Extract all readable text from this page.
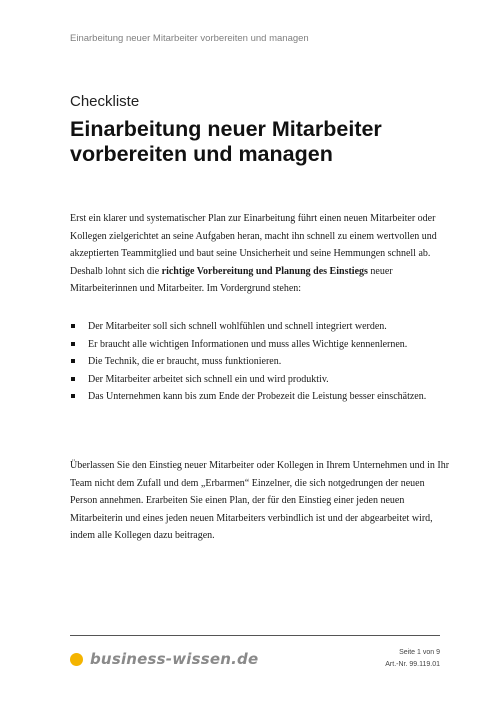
Einarbeitung neuer Mitarbeiter vorbereiten und managen
Checkliste
Einarbeitung neuer Mitarbeiter vorbereiten und managen

Erst ein klarer und systematischer Plan zur Einarbeitung führt einen neuen Mitarbeiter oder Kollegen zielgerichtet an seine Aufgaben heran, macht ihn schnell zu einem wertvollen und akzeptierten Teammitglied und baut seine Unsicherheit und seine Hemmungen schnell ab. Deshalb lohnt sich die richtige Vorbereitung und Planung des Einstiegs neuer Mitarbeiterinnen und Mitarbeiter. Im Vordergrund stehen:

Der Mitarbeiter soll sich schnell wohlfühlen und schnell integriert werden.
Er braucht alle wichtigen Informationen und muss alles Wichtige kennenlernen.
Die Technik, die er braucht, muss funktionieren.
Der Mitarbeiter arbeitet sich schnell ein und wird produktiv.
Das Unternehmen kann bis zum Ende der Probezeit die Leistung besser einschätzen.

Überlassen Sie den Einstieg neuer Mitarbeiter oder Kollegen in Ihrem Unternehmen und in Ihr Team nicht dem Zufall und dem „Erbarmen“ Einzelner, die sich notgedrungen der neuen Person annehmen. Erarbeiten Sie einen Plan, der für den Einstieg einer jeden neuen Mitarbeiterin und eines jeden neuen Mitarbeiters verbindlich ist und der abgearbeitet wird, indem alle Kollegen dazu beitragen.

business-wissen.de	Seite 1 von 9
Art.-Nr. 99.119.01
